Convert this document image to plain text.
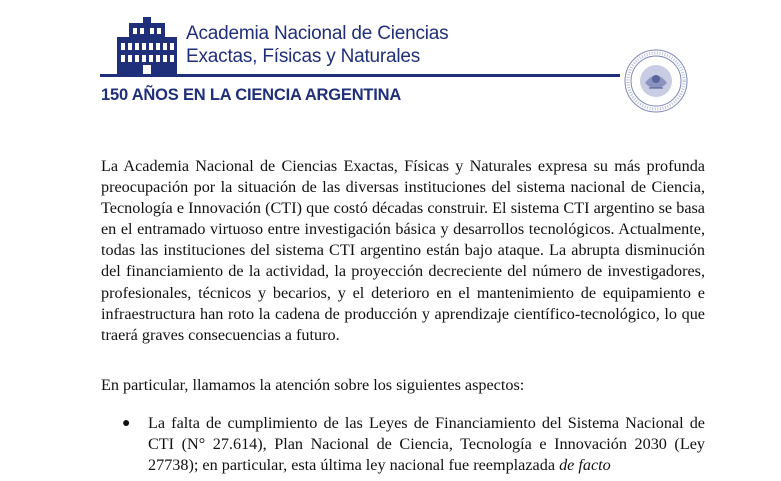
Academia Nacional de Ciencias
Exactas, Físicas y Naturales
150 AÑOS EN LA CIENCIA ARGENTINA

La Academia Nacional de Ciencias Exactas, Físicas y Naturales expresa su más profunda preocupación por la situación de las diversas instituciones del sistema nacional de Ciencia, Tecnología e Innovación (CTI) que costó décadas construir. El sistema CTI argentino se basa en el entramado virtuoso entre investigación básica y desarrollos tecnológicos. Actualmente, todas las instituciones del sistema CTI argentino están bajo ataque. La abrupta disminución del financiamiento de la actividad, la proyección decreciente del número de investigadores, profesionales, técnicos y becarios, y el deterioro en el mantenimiento de equipamiento e infraestructura han roto la cadena de producción y aprendizaje científico-tecnológico, lo que traerá graves consecuencias a futuro.

En particular, llamamos la atención sobre los siguientes aspectos:

● La falta de cumplimiento de las Leyes de Financiamiento del Sistema Nacional de CTI (N° 27.614), Plan Nacional de Ciencia, Tecnología e Innovación 2030 (Ley 27738); en particular, esta última ley nacional fue reemplazada de facto
